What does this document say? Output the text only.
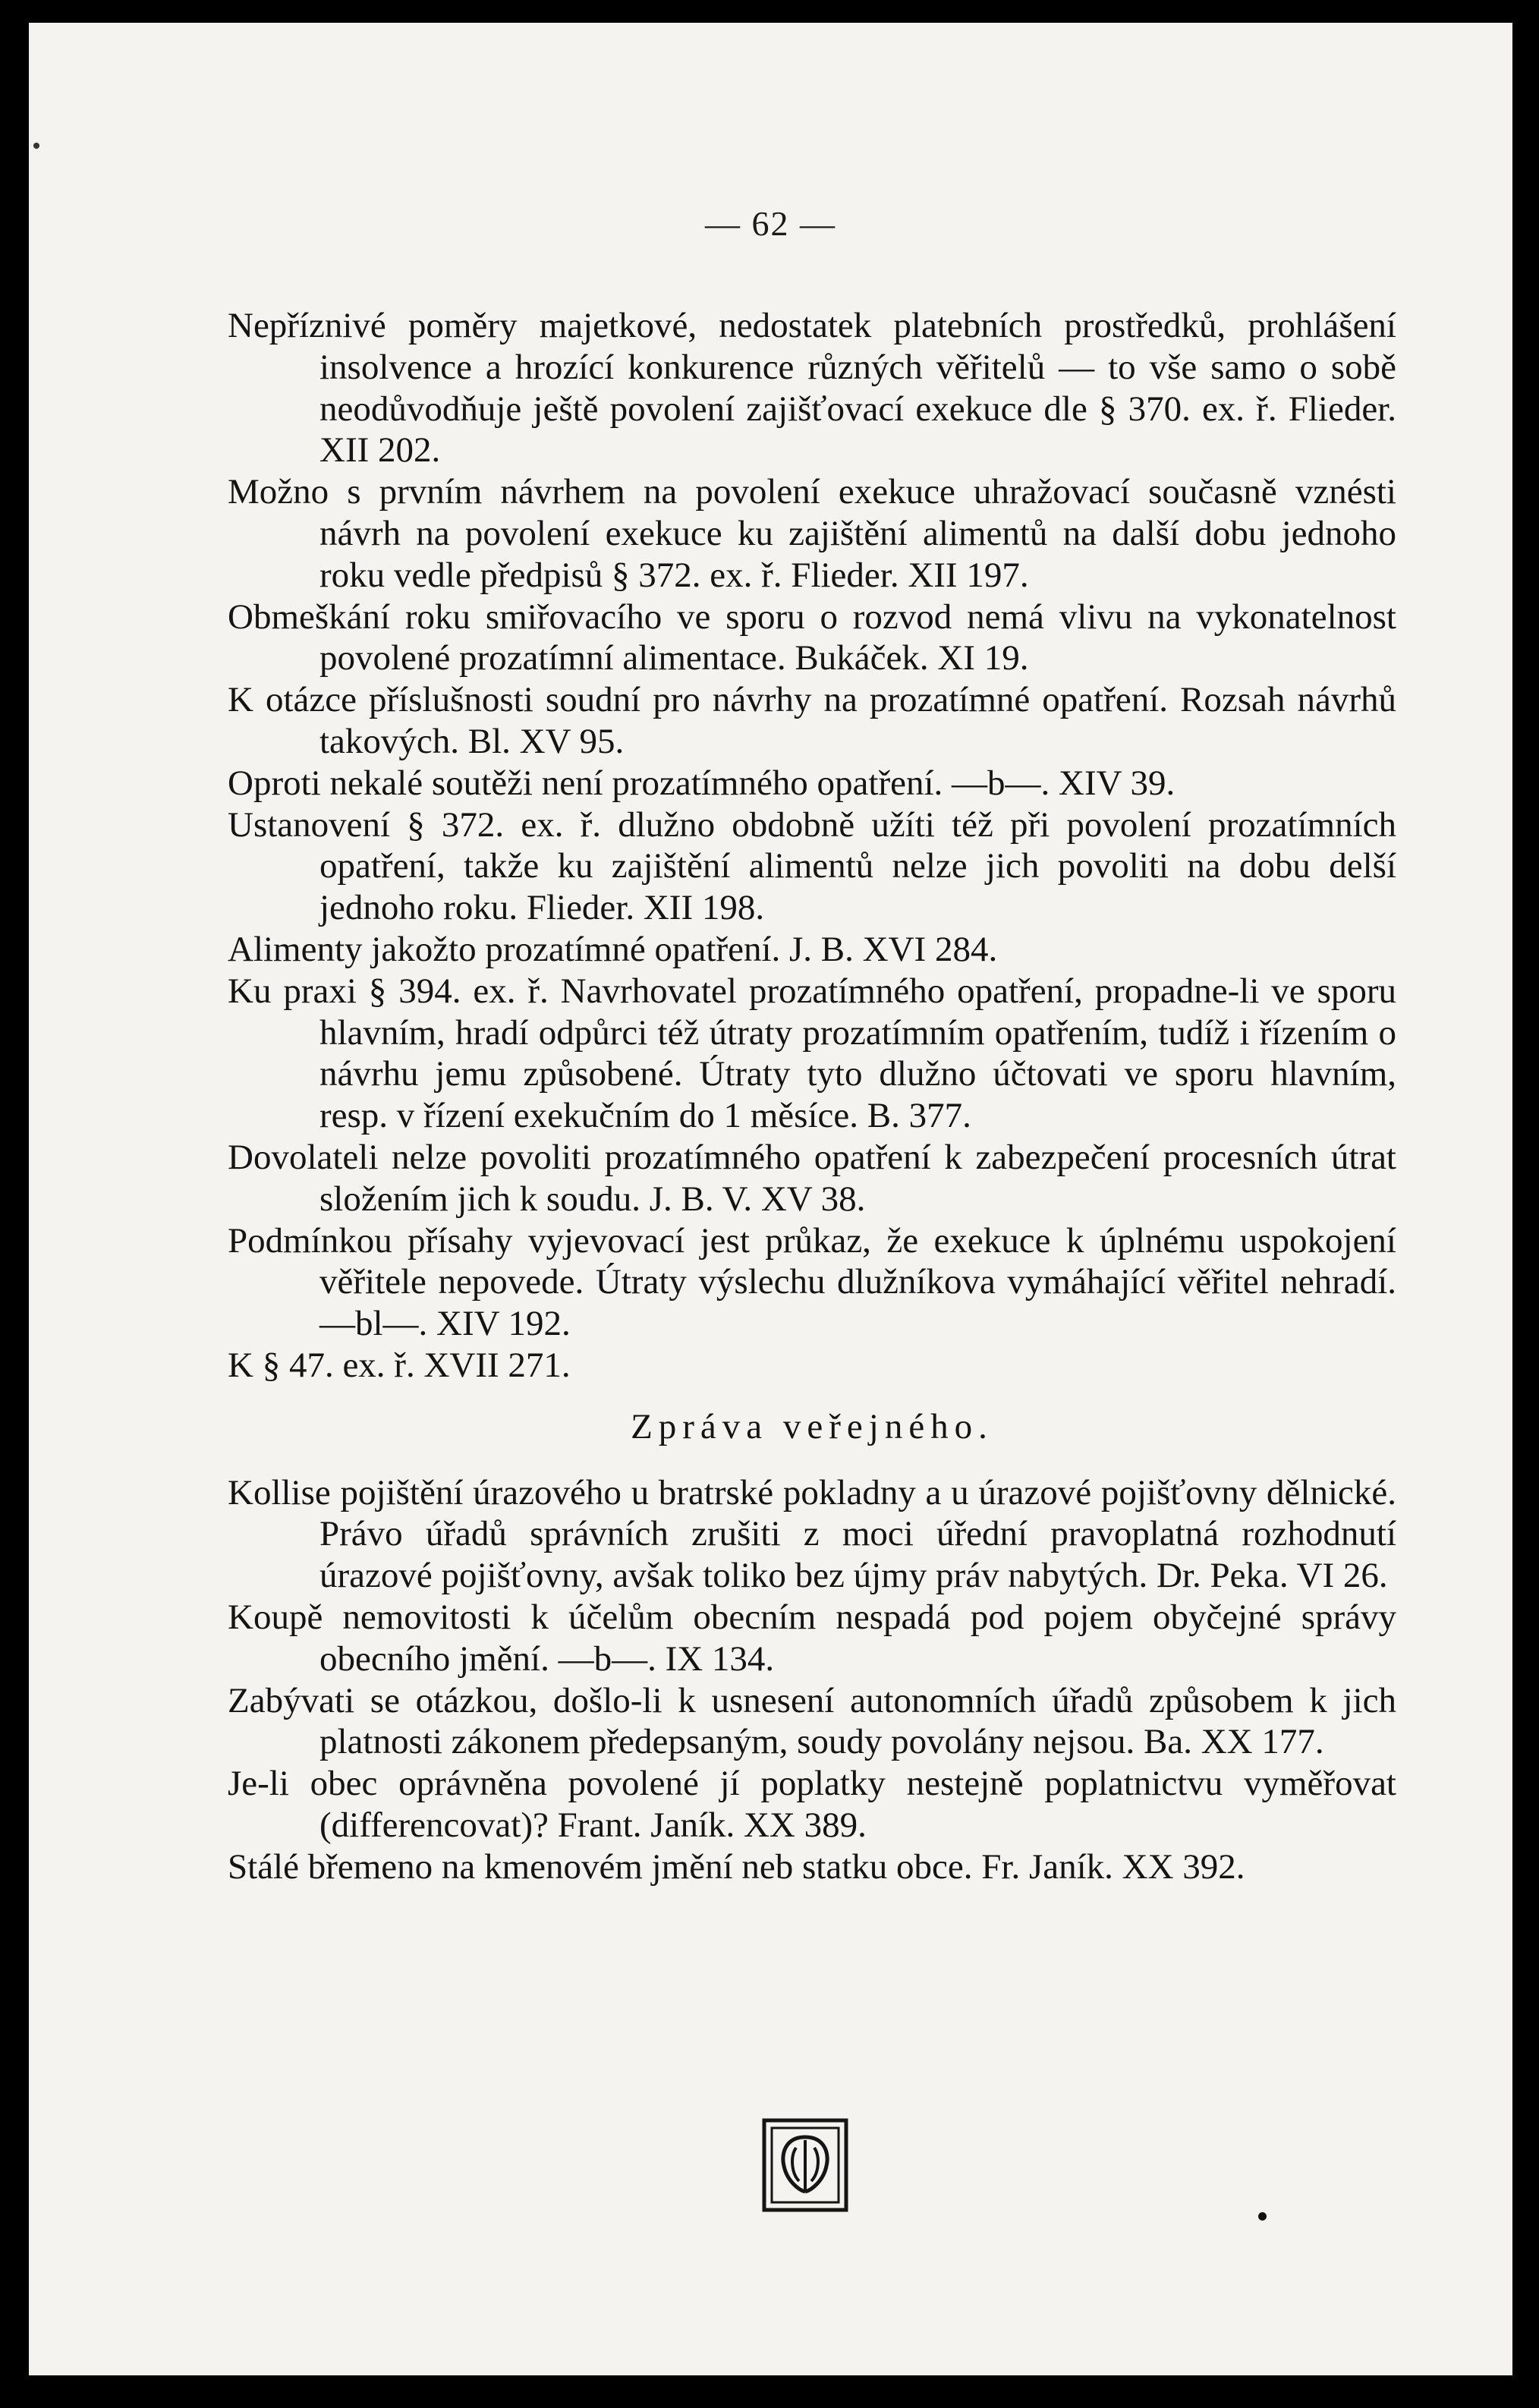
— 62 —
Nepříznivé poměry majetkové, nedostatek platebních prostředků, prohlášení insolvence a hrozící konkurence různých věřitelů — to vše samo o sobě neodůvodňuje ještě povolení zajišťovací exekuce dle § 370. ex. ř. Flieder. XII 202.
Možno s prvním návrhem na povolení exekuce uhražovací současně vznésti návrh na povolení exekuce ku zajištění alimentů na další dobu jednoho roku vedle předpisů § 372. ex. ř. Flieder. XII 197.
Obmeškání roku smiřovacího ve sporu o rozvod nemá vlivu na vykonatelnost povolené prozatímní alimentace. Bukáček. XI 19.
K otázce příslušnosti soudní pro návrhy na prozatímné opatření. Rozsah návrhů takových. Bl. XV 95.
Oproti nekalé soutěži není prozatímného opatření. —b—. XIV 39.
Ustanovení § 372. ex. ř. dlužno obdobně užíti též při povolení prozatímních opatření, takže ku zajištění alimentů nelze jich povoliti na dobu delší jednoho roku. Flieder. XII 198.
Alimenty jakožto prozatímné opatření. J. B. XVI 284.
Ku praxi § 394. ex. ř. Navrhovatel prozatímného opatření, propadne-li ve sporu hlavním, hradí odpůrci též útraty prozatímním opatřením, tudíž i řízením o návrhu jemu způsobené. Útraty tyto dlužno účtovati ve sporu hlavním, resp. v řízení exekučním do 1 měsíce. B. 377.
Dovolateli nelze povoliti prozatímného opatření k zabezpečení procesních útrat složením jich k soudu. J. B. V. XV 38.
Podmínkou přísahy vyjevovací jest průkaz, že exekuce k úplnému uspokojení věřitele nepovede. Útraty výslechu dlužníkova vymáhající věřitel nehradí. —bl—. XIV 192.
K § 47. ex. ř. XVII 271.
Zpráva veřejného.
Kollise pojištění úrazového u bratrské pokladny a u úrazové pojišťovny dělnické. Právo úřadů správních zrušiti z moci úřední pravoplatná rozhodnutí úrazové pojišťovny, avšak toliko bez újmy práv nabytých. Dr. Peka. VI 26.
Koupě nemovitosti k účelům obecním nespadá pod pojem obyčejné správy obecního jmění. —b—. IX 134.
Zabývati se otázkou, došlo-li k usnesení autonomních úřadů způsobem k jich platnosti zákonem předepsaným, soudy povolány nejsou. Ba. XX 177.
Je-li obec oprávněna povolené jí poplatky nestejně poplatnictvu vyměřovat (differencovat)? Frant. Janík. XX 389.
Stálé břemeno na kmenovém jmění neb statku obce. Fr. Janík. XX 392.
